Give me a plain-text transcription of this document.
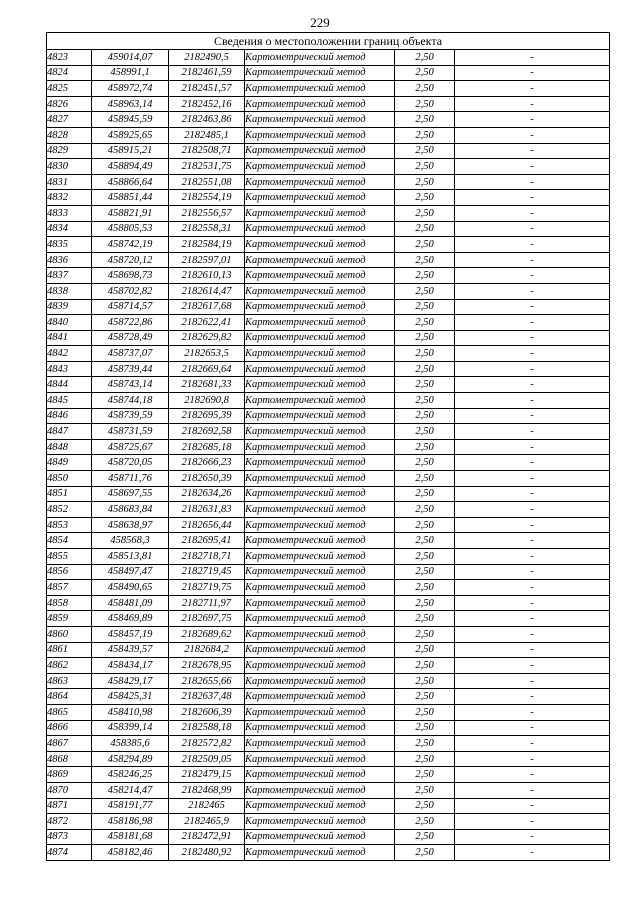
229
Сведения о местоположении границ объекта					
4823	459014,07	2182490,5	Картометрический метод	2,50	-
4824	458991,1	2182461,59	Картометрический метод	2,50	-
4825	458972,74	2182451,57	Картометрический метод	2,50	-
4826	458963,14	2182452,16	Картометрический метод	2,50	-
4827	458945,59	2182463,86	Картометрический метод	2,50	-
4828	458925,65	2182485,1	Картометрический метод	2,50	-
4829	458915,21	2182508,71	Картометрический метод	2,50	-
4830	458894,49	2182531,75	Картометрический метод	2,50	-
4831	458866,64	2182551,08	Картометрический метод	2,50	-
4832	458851,44	2182554,19	Картометрический метод	2,50	-
4833	458821,91	2182556,57	Картометрический метод	2,50	-
4834	458805,53	2182558,31	Картометрический метод	2,50	-
4835	458742,19	2182584,19	Картометрический метод	2,50	-
4836	458720,12	2182597,01	Картометрический метод	2,50	-
4837	458698,73	2182610,13	Картометрический метод	2,50	-
4838	458702,82	2182614,47	Картометрический метод	2,50	-
4839	458714,57	2182617,68	Картометрический метод	2,50	-
4840	458722,86	2182622,41	Картометрический метод	2,50	-
4841	458728,49	2182629,82	Картометрический метод	2,50	-
4842	458737,07	2182653,5	Картометрический метод	2,50	-
4843	458739,44	2182669,64	Картометрический метод	2,50	-
4844	458743,14	2182681,33	Картометрический метод	2,50	-
4845	458744,18	2182690,8	Картометрический метод	2,50	-
4846	458739,59	2182695,39	Картометрический метод	2,50	-
4847	458731,59	2182692,58	Картометрический метод	2,50	-
4848	458725,67	2182685,18	Картометрический метод	2,50	-
4849	458720,05	2182666,23	Картометрический метод	2,50	-
4850	458711,76	2182650,39	Картометрический метод	2,50	-
4851	458697,55	2182634,26	Картометрический метод	2,50	-
4852	458683,84	2182631,83	Картометрический метод	2,50	-
4853	458638,97	2182656,44	Картометрический метод	2,50	-
4854	458568,3	2182695,41	Картометрический метод	2,50	-
4855	458513,81	2182718,71	Картометрический метод	2,50	-
4856	458497,47	2182719,45	Картометрический метод	2,50	-
4857	458490,65	2182719,75	Картометрический метод	2,50	-
4858	458481,09	2182711,97	Картометрический метод	2,50	-
4859	458469,89	2182697,75	Картометрический метод	2,50	-
4860	458457,19	2182689,62	Картометрический метод	2,50	-
4861	458439,57	2182684,2	Картометрический метод	2,50	-
4862	458434,17	2182678,95	Картометрический метод	2,50	-
4863	458429,17	2182655,66	Картометрический метод	2,50	-
4864	458425,31	2182637,48	Картометрический метод	2,50	-
4865	458410,98	2182606,39	Картометрический метод	2,50	-
4866	458399,14	2182588,18	Картометрический метод	2,50	-
4867	458385,6	2182572,82	Картометрический метод	2,50	-
4868	458294,89	2182509,05	Картометрический метод	2,50	-
4869	458246,25	2182479,15	Картометрический метод	2,50	-
4870	458214,47	2182468,99	Картометрический метод	2,50	-
4871	458191,77	2182465	Картометрический метод	2,50	-
4872	458186,98	2182465,9	Картометрический метод	2,50	-
4873	458181,68	2182472,91	Картометрический метод	2,50	-
4874	458182,46	2182480,92	Картометрический метод	2,50	-
